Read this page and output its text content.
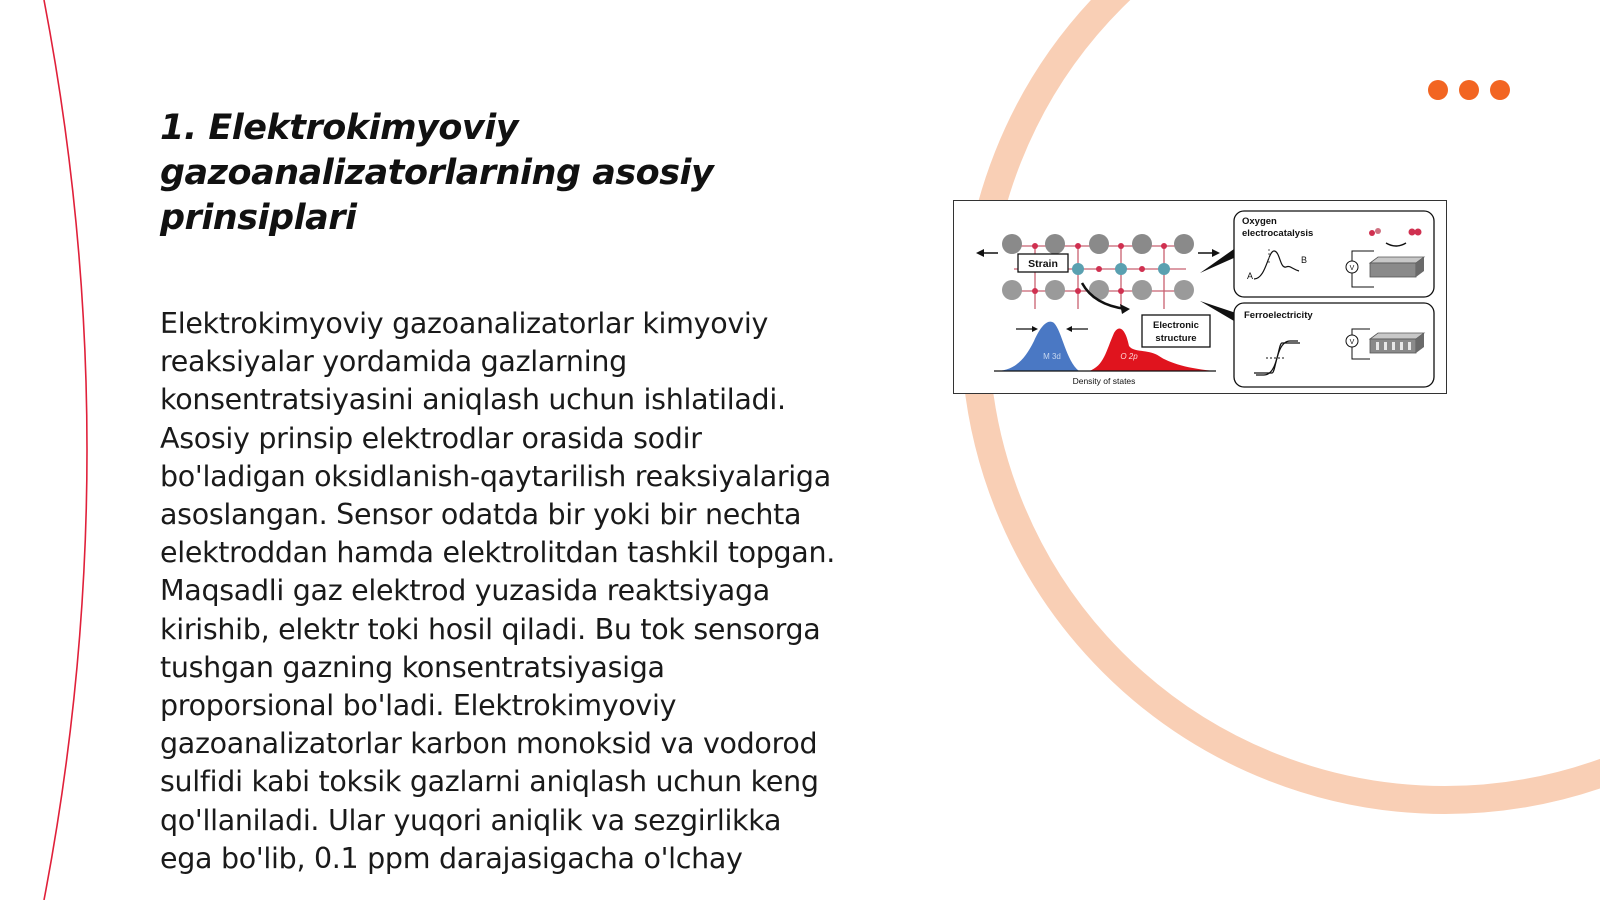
1. Elektrokimyoviy gazoanalizatorlarning asosiy prinsiplari

Elektrokimyoviy gazoanalizatorlar kimyoviy reaksiyalar yordamida gazlarning konsentratsiyasini aniqlash uchun ishlatiladi. Asosiy prinsip elektrodlar orasida sodir bo'ladigan oksidlanish-qaytarilish reaksiyalariga asoslangan. Sensor odatda bir yoki bir nechta elektroddan hamda elektrolitdan tashkil topgan. Maqsadli gaz elektrod yuzasida reaktsiyaga kirishib, elektr toki hosil qiladi. Bu tok sensorga tushgan gazning konsentratsiyasiga proporsional bo'ladi. Elektrokimyoviy gazoanalizatorlar karbon monoksid va vodorod sulfidi kabi toksik gazlarni aniqlash uchun keng qo'llaniladi. Ular yuqori aniqlik va sezgirlikka ega bo'lib, 0.1 ppm darajasigacha o'lchay

Strain
M 3d	O 2p
Electronic
structure
Density of states
Oxygen
electrocatalysis
A
B
V
Ferroelectricity
V
